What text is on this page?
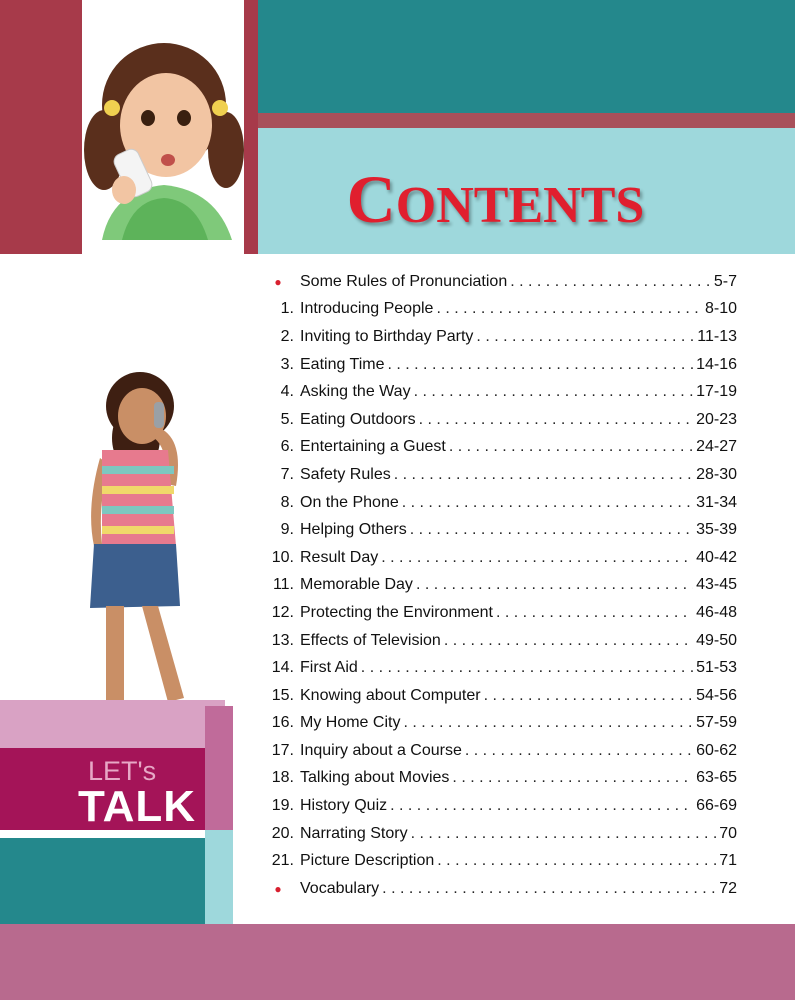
CONTENTS
LET's
TALK
●	Some Rules of Pronunciation . . .	5-7
1. Introducing People . . .	8-10
2. Inviting to Birthday Party . . .	11-13
3. Eating Time . . .	14-16
4. Asking the Way . . .	17-19
5. Eating Outdoors . . .	20-23
6. Entertaining a Guest . . .	24-27
7. Safety Rules . . .	28-30
8. On the Phone . . .	31-34
9. Helping Others . . .	35-39
10. Result Day . . .	40-42
11. Memorable Day . . .	43-45
12. Protecting the Environment . . .	46-48
13. Effects of Television . . .	49-50
14. First Aid . . .	51-53
15. Knowing about Computer . . .	54-56
16. My Home City . . .	57-59
17. Inquiry about a Course . . .	60-62
18. Talking about Movies . . .	63-65
19. History Quiz . . .	66-69
20. Narrating Story . . .	70
21. Picture Description . . .	71
●	Vocabulary . . .	72
